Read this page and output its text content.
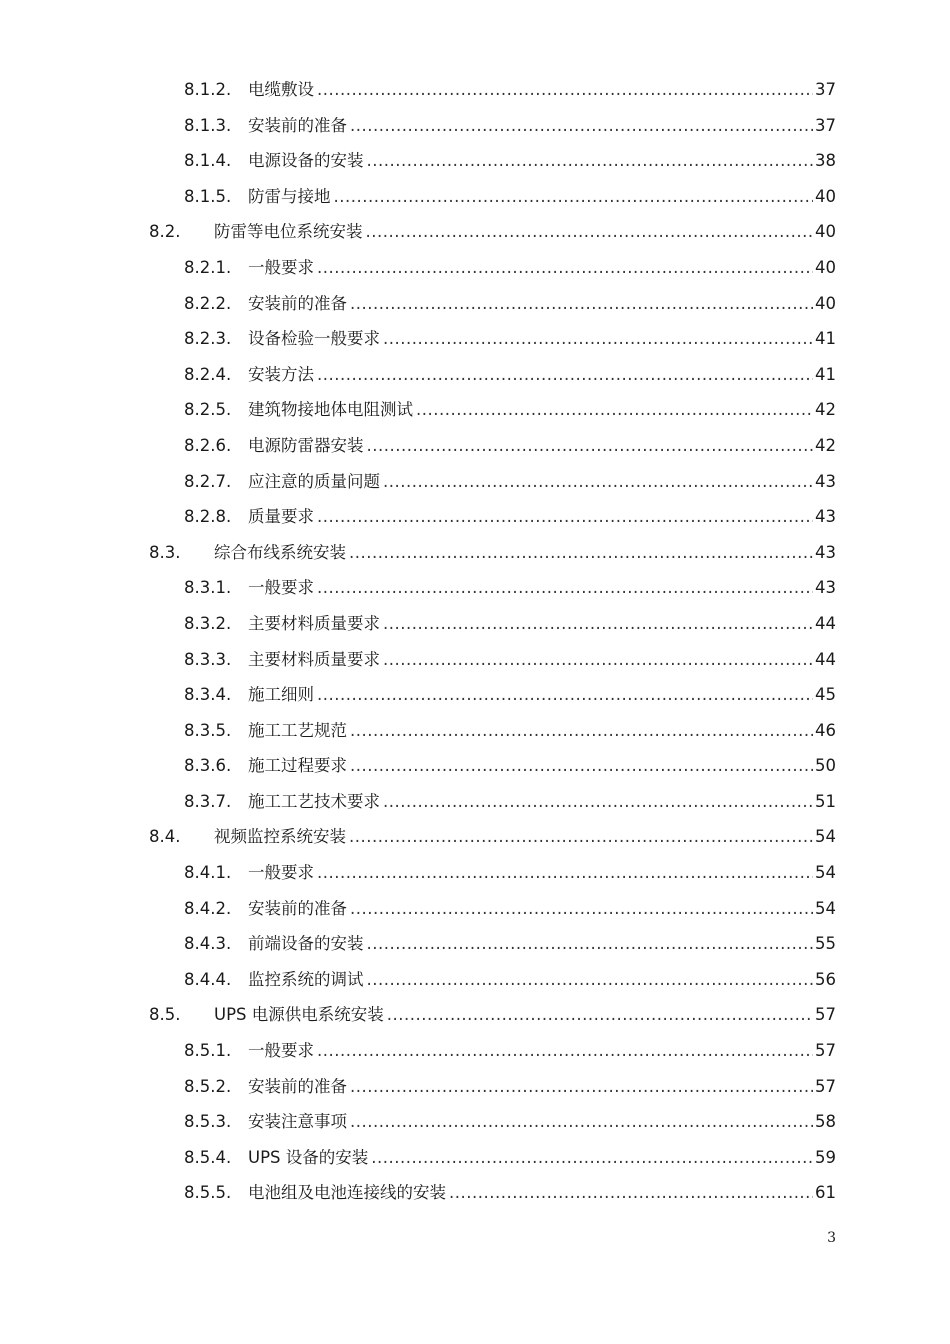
8.1.2. 电缆敷设 .....	37
8.1.3. 安装前的准备 .....	37
8.1.4. 电源设备的安装 .....	38
8.1.5. 防雷与接地 .....	40
8.2. 防雷等电位系统安装 .....	40
8.2.1. 一般要求 .....	40
8.2.2. 安装前的准备 .....	40
8.2.3. 设备检验一般要求 .....	41
8.2.4. 安装方法 .....	41
8.2.5. 建筑物接地体电阻测试 .....	42
8.2.6. 电源防雷器安装 .....	42
8.2.7. 应注意的质量问题 .....	43
8.2.8. 质量要求 .....	43
8.3. 综合布线系统安装 .....	43
8.3.1. 一般要求 .....	43
8.3.2. 主要材料质量要求 .....	44
8.3.3. 主要材料质量要求 .....	44
8.3.4. 施工细则 .....	45
8.3.5. 施工工艺规范 .....	46
8.3.6. 施工过程要求 .....	50
8.3.7. 施工工艺技术要求 .....	51
8.4. 视频监控系统安装 .....	54
8.4.1. 一般要求 .....	54
8.4.2. 安装前的准备 .....	54
8.4.3. 前端设备的安装 .....	55
8.4.4. 监控系统的调试 .....	56
8.5. UPS 电源供电系统安装 .....	57
8.5.1. 一般要求 .....	57
8.5.2. 安装前的准备 .....	57
8.5.3. 安装注意事项 .....	58
8.5.4. UPS 设备的安装 .....	59
8.5.5. 电池组及电池连接线的安装 .....	61
3
